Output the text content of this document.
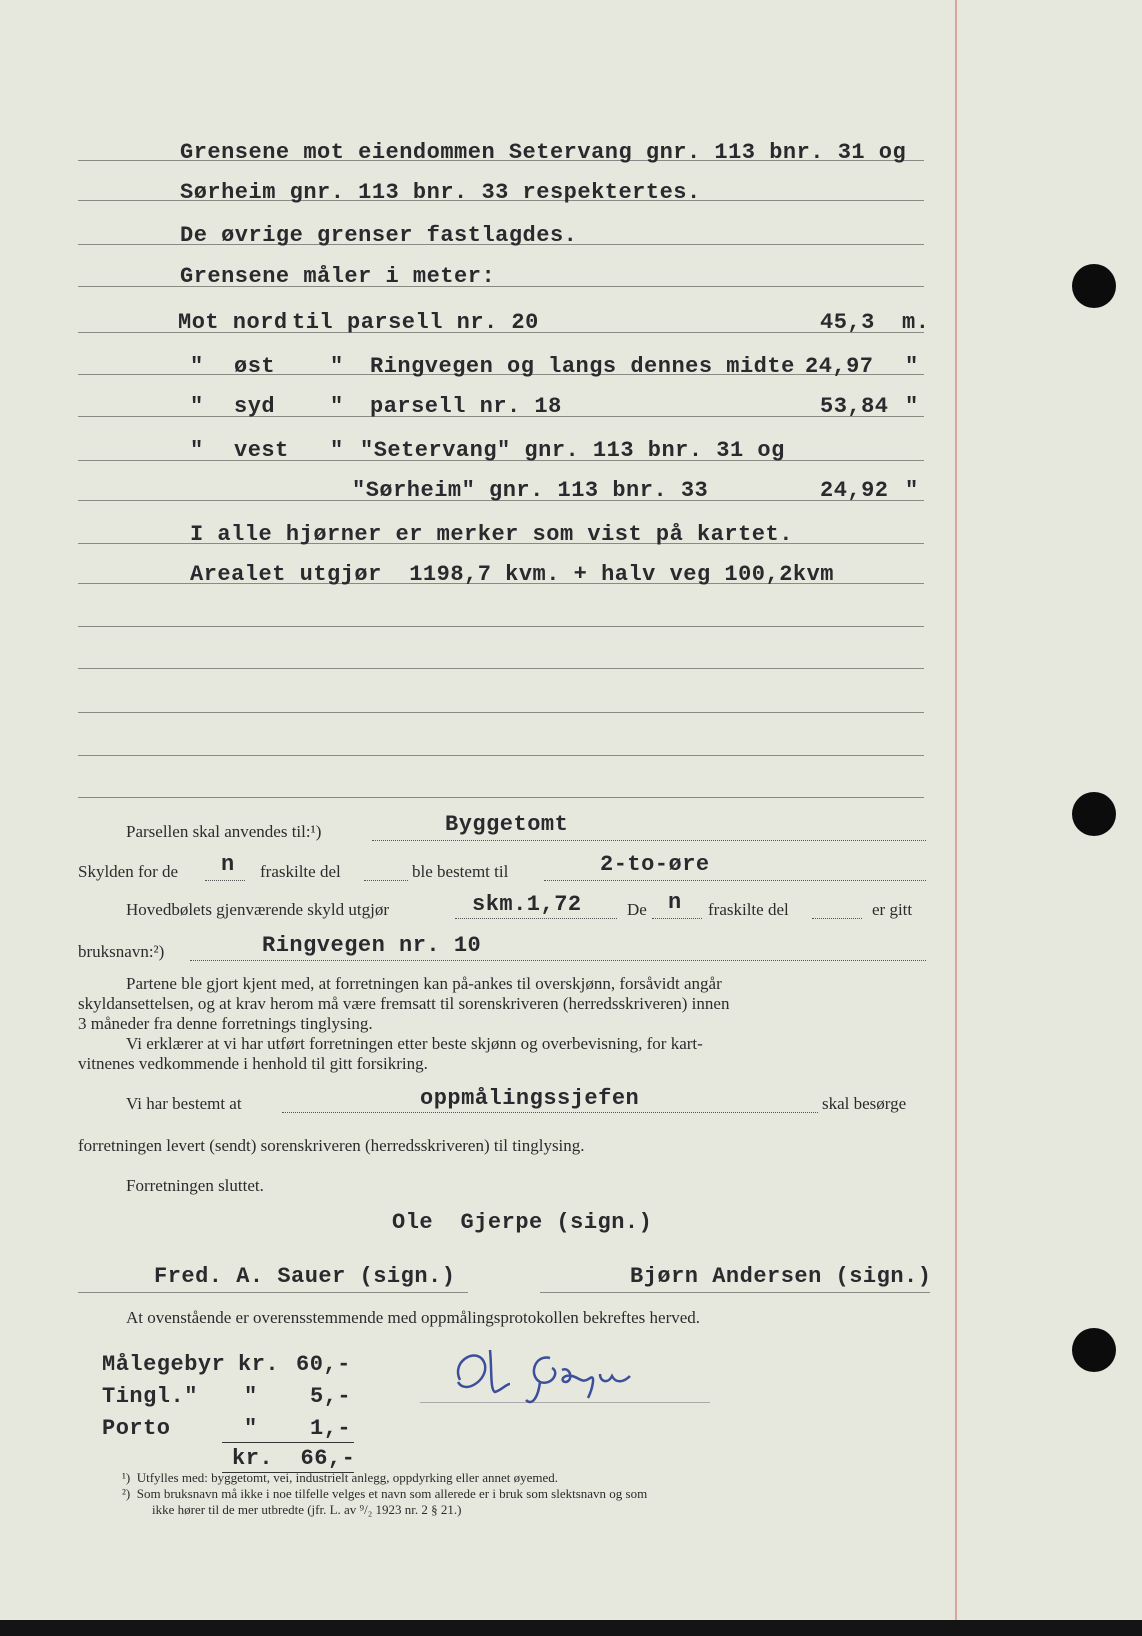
Grensene mot eiendommen Setervang gnr. 113 bnr. 31 og
Sørheim gnr. 113 bnr. 33 respektertes.
De øvrige grenser fastlagdes.
Grensene måler i meter:
Mot nord til parsell nr. 20	45,3 m.
" øst " Ringvegen og langs dennes midte 24,97 "
" syd " parsell nr. 18	53,84 "
" vest " "Setervang" gnr. 113 bnr. 31 og
"Sørheim" gnr. 113 bnr. 33	24,92 "
I alle hjørner er merker som vist på kartet.
Arealet utgjør  1198,7 kvm. + halv veg 100,2kvm
Parsellen skal anvendes til:¹)	Byggetomt
Skylden for de n fraskilte del	ble bestemt til	2-to-øre
Hovedbølets gjenværende skyld utgjør	skm.1,72	De n fraskilte del	er gitt
bruksnavn:²)	Ringvegen nr. 10
Partene ble gjort kjent med, at forretningen kan på-ankes til overskjønn, forsåvidt angår
skyldansettelsen, og at krav herom må være fremsatt til sorenskriveren (herredsskriveren) innen
3 måneder fra denne forretnings tinglysing.
Vi erklærer at vi har utført forretningen etter beste skjønn og overbevisning, for kart-
vitnenes vedkommende i henhold til gitt forsikring.
Vi har bestemt at	oppmålingssjefen	skal besørge
forretningen levert (sendt) sorenskriveren (herredsskriveren) til tinglysing.
Forretningen sluttet.
Ole  Gjerpe (sign.)
Fred. A. Sauer (sign.)	Bjørn Andersen (sign.)
At ovenstående er overensstemmende med oppmålingsprotokollen bekreftes herved.
Målegebyr kr. 60,-
Tingl." " 5,-
Porto	" 1,-
kr.  66,-
¹)  Utfylles med: byggetomt, vei, industrielt anlegg, oppdyrking eller annet øyemed.
²)  Som bruksnavn må ikke i noe tilfelle velges et navn som allerede er i bruk som slektsnavn og som
ikke hører til de mer utbredte (jfr. L. av ⁹/₂ 1923 nr. 2 § 21.)
